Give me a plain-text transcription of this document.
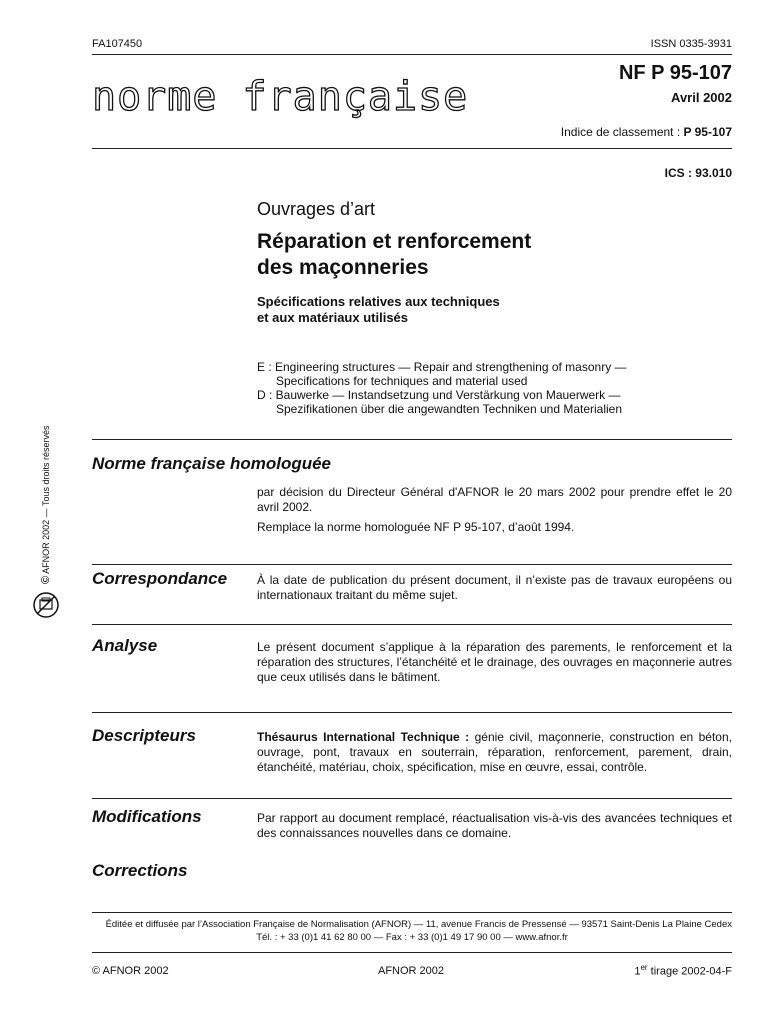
FA107450	ISSN 0335-3931
norme française
NF P 95-107
Avril 2002
Indice de classement : P 95-107
ICS : 93.010
Ouvrages d’art
Réparation et renforcement
des maçonneries
Spécifications relatives aux techniques
et aux matériaux utilisés
E : Engineering structures — Repair and strengthening of masonry —
Specifications for techniques and material used
D : Bauwerke — Instandsetzung und Verstärkung von Mauerwerk —
Spezifikationen über die angewandten Techniken und Materialien
© AFNOR 2002 — Tous droits réservés Norme française homologuée
par décision du Directeur Général d'AFNOR le 20 mars 2002 pour prendre effet le 20 avril 2002.
Remplace la norme homologuée NF P 95-107, d’août 1994.
Correspondance À la date de publication du présent document, il n’existe pas de travaux européens ou internationaux traitant du même sujet.
Analyse	Le présent document s’applique à la réparation des parements, le renforcement et la réparation des structures, l’étanchéité et le drainage, des ouvrages en maçonnerie autres que ceux utilisés dans le bâtiment.
Descripteurs	Thésaurus International Technique : génie civil, maçonnerie, construction en béton, ouvrage, pont, travaux en souterrain, réparation, renforcement, parement, drain, étanchéité, matériau, choix, spécification, mise en œuvre, essai, contrôle.
Modifications	Par rapport au document remplacé, réactualisation vis-à-vis des avancées techniques et des connaissances nouvelles dans ce domaine.
Corrections
Éditée et diffusée par l’Association Française de Normalisation (AFNOR) — 11, avenue Francis de Pressensé — 93571 Saint-Denis La Plaine Cedex
Tél. : + 33 (0)1 41 62 80 00 — Fax : + 33 (0)1 49 17 90 00 — www.afnor.fr
© AFNOR 2002	AFNOR 2002	1er tirage 2002-04-F
